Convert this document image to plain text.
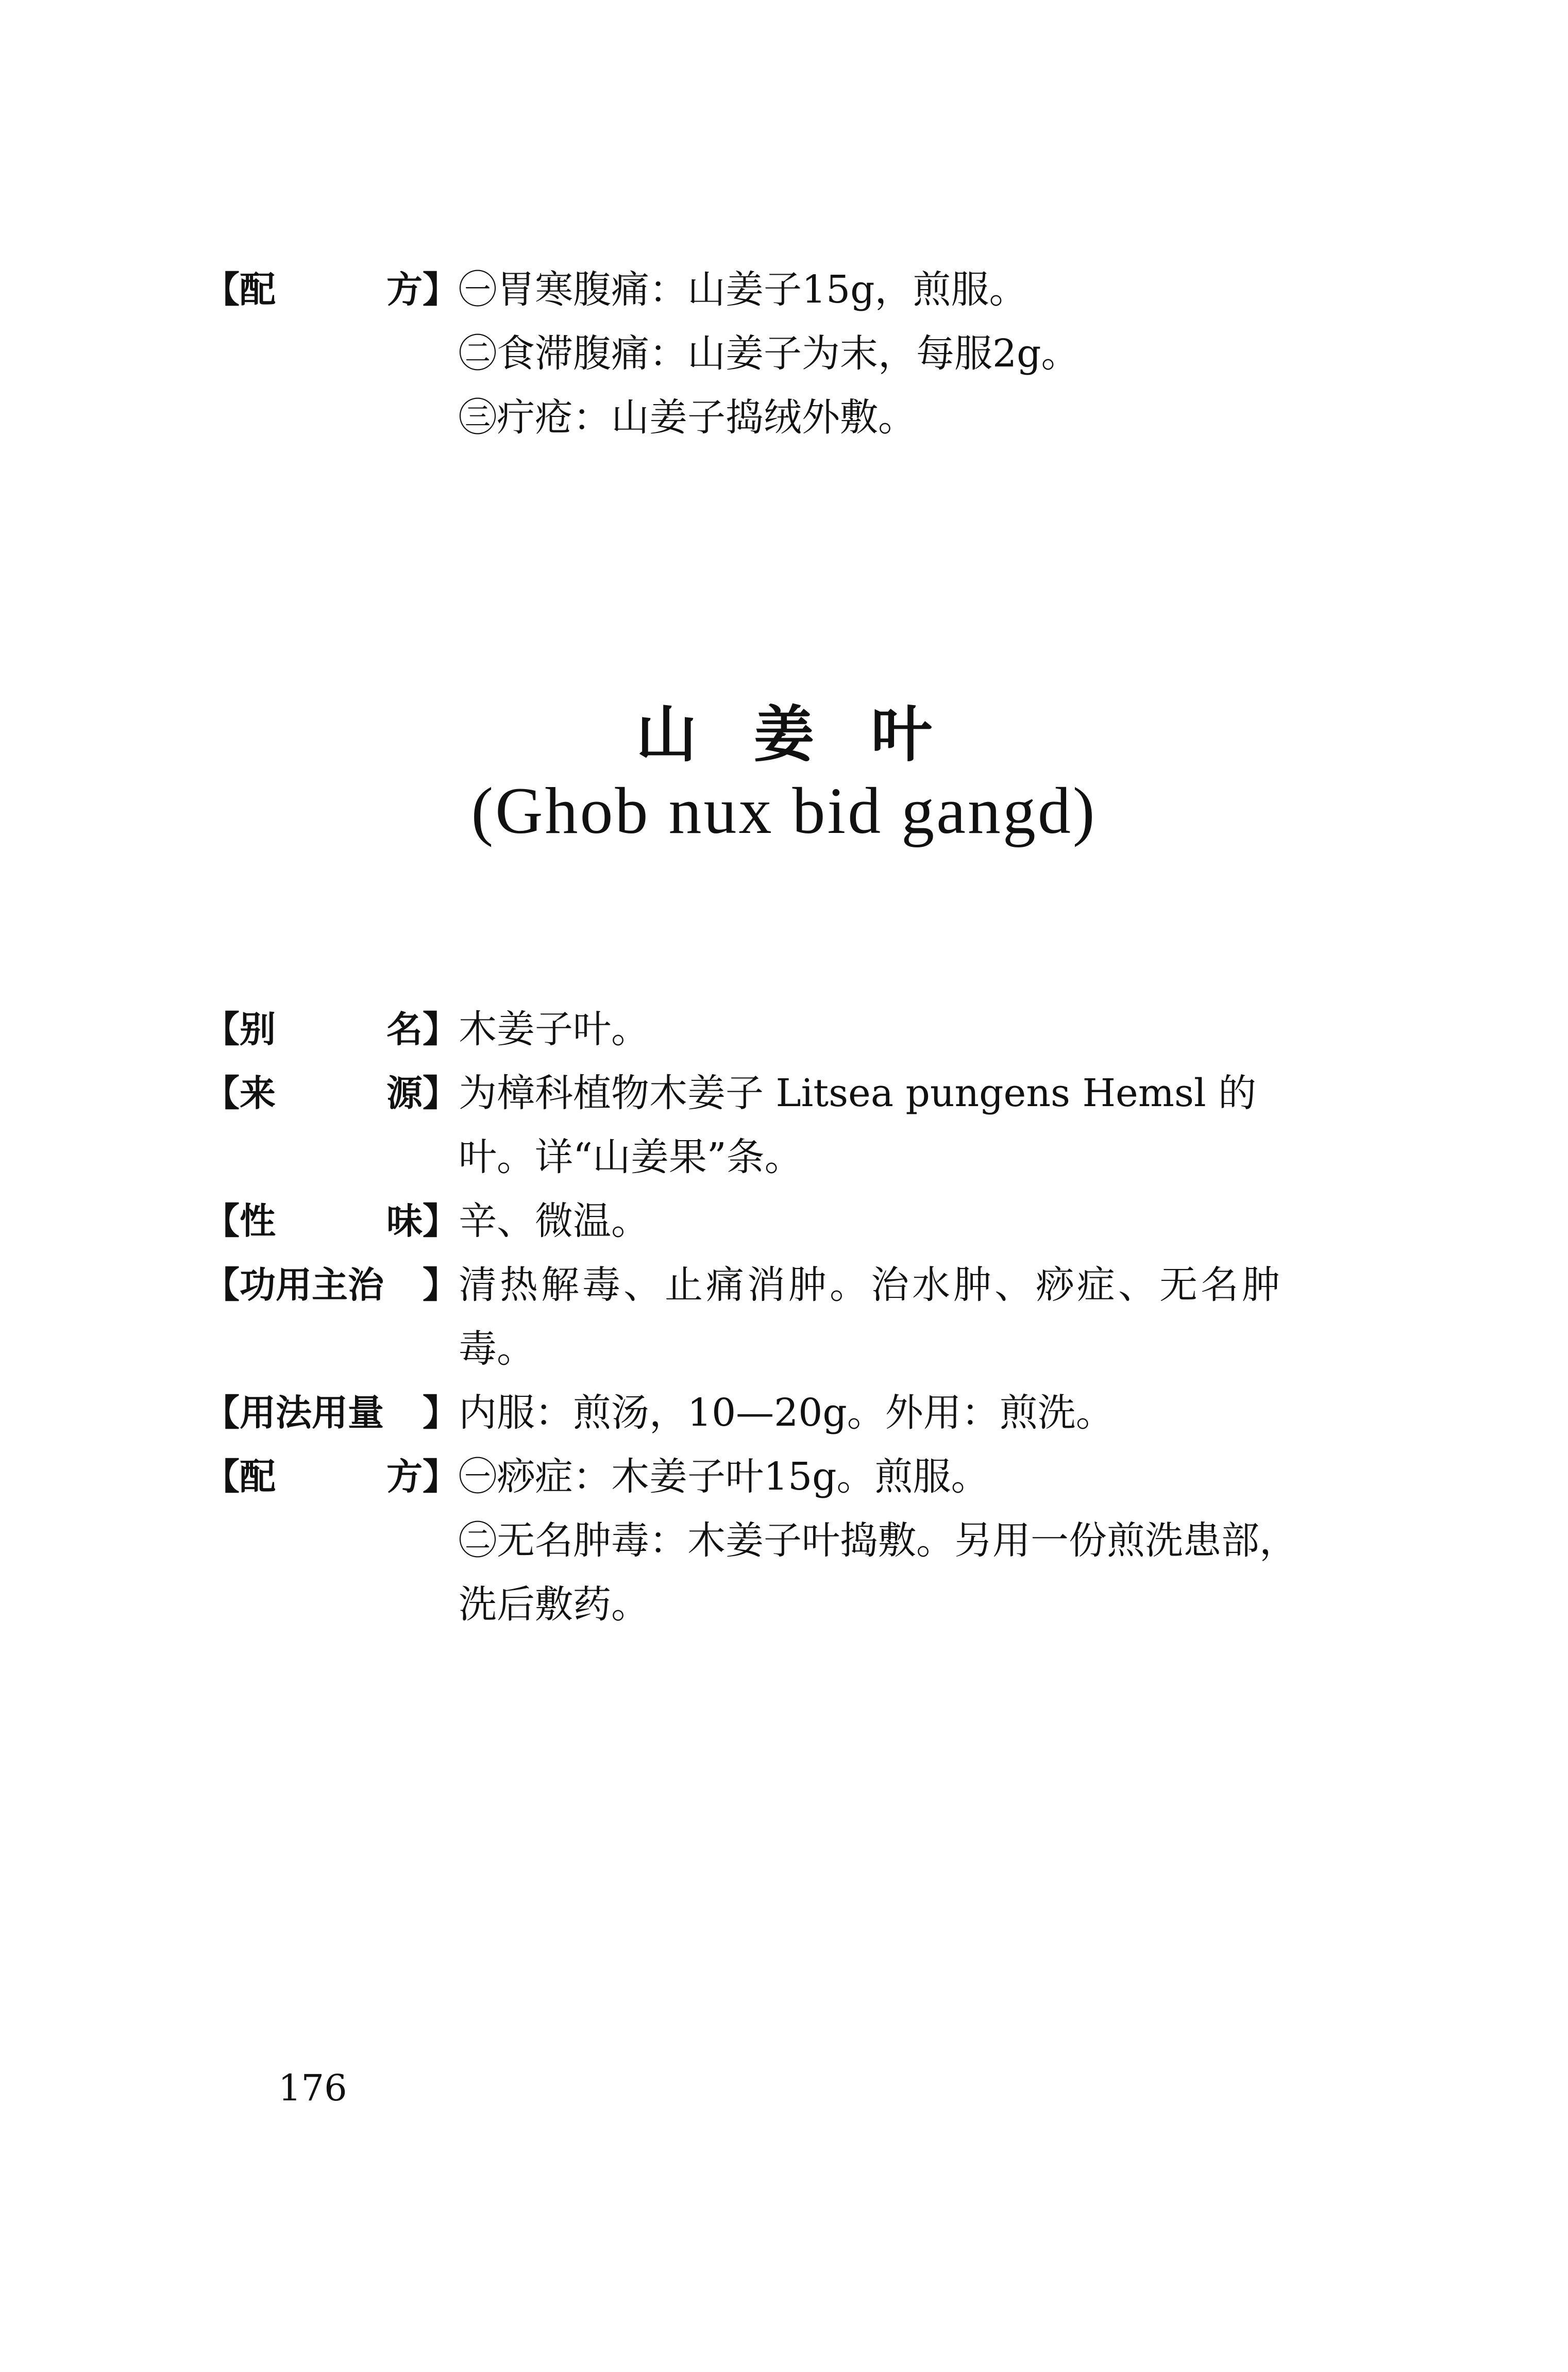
【 配	方 】 ㊀胃寒腹痛：山姜子15g，煎服。
㊁食滞腹痛：山姜子为末，每服2g。
㊂疔疮：山姜子捣绒外敷。
山姜叶
(Ghob nux bid gangd)
【 别	名 】 木姜子叶。
【 来	源 】 为樟科植物木姜子 Litsea pungens Hemsl 的
叶。详“山姜果”条。
【 性	味 】 辛、微温。
【 功用主治	】 清热解毒、止痛消肿。治水肿、痧症、无名肿
毒。
【 用法用量	】 内服：煎汤，10—20g。外用：煎洗。
【 配	方 】 ㊀痧症：木姜子叶15g。煎服。
㊁无名肿毒：木姜子叶捣敷。另用一份煎洗患部，
洗后敷药。
176
